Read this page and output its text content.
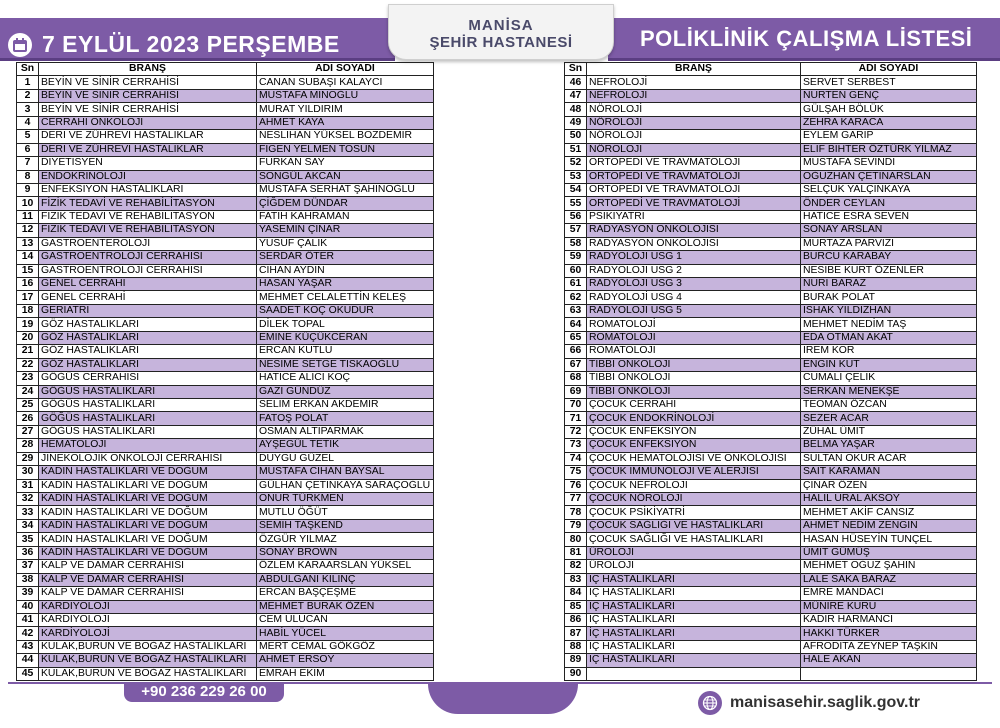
7 EYLÜL 2023 PERŞEMBE	POLİKLİNİK ÇALIŞMA LİSTESİ
MANİSA
ŞEHİR HASTANESİ
Sn	BRANŞ	ADI SOYADI
1	BEYİN VE SİNİR CERRAHİSİ	CANAN SUBAŞI KALAYCI
2	BEYİN VE SİNİR CERRAHİSİ	MUSTAFA MİNOĞLU
3	BEYİN VE SİNİR CERRAHİSİ	MURAT YILDIRIM
4	CERRAHİ ONKOLOJİ	AHMET KAYA
5	DERİ VE ZÜHREVİ HASTALIKLAR	NESLİHAN YÜKSEL BOZDEMİR
6	DERİ VE ZÜHREVİ HASTALIKLAR	FİGEN YELMEN TOSUN
7	DİYETİSYEN	FURKAN SAY
8	ENDOKRİNOLOJİ	SONGÜL AKCAN
9	ENFEKSİYON HASTALIKLARI	MUSTAFA SERHAT ŞAHİNOĞLU
10	FİZİK TEDAVİ VE REHABİLİTASYON	ÇİĞDEM DÜNDAR
11	FİZİK TEDAVİ VE REHABİLİTASYON	FATİH KAHRAMAN
12	FİZİK TEDAVİ VE REHABİLİTASYON	YASEMİN ÇINAR
13	GASTROENTEROLOJİ	YUSUF ÇALIK
14	GASTROENTROLOJİ CERRAHİSİ	SERDAR ÖTER
15	GASTROENTROLOJİ CERRAHİSİ	CİHAN AYDIN
16	GENEL CERRAHİ	HASAN YAŞAR
17	GENEL CERRAHİ	MEHMET CELALETTİN KELEŞ
18	GERİATRİ	SAADET KOÇ OKUDUR
19	GÖZ HASTALIKLARI	DİLEK TOPAL
20	GÖZ HASTALIKLARI	EMİNE KÜÇÜKCERAN
21	GÖZ HASTALIKLARI	ERCAN KUTLU
22	GÖZ HASTALIKLARI	NESİME SETGE TISKAOĞLU
23	GÖĞÜS CERRAHİSİ	HATİCE ALICI KOÇ
24	GÖĞÜS HASTALIKLARI	GAZİ GÜNDÜZ
25	GÖĞÜS HASTALIKLARI	SELİM ERKAN AKDEMİR
26	GÖĞÜS HASTALIKLARI	FATOŞ POLAT
27	GÖĞÜS HASTALIKLARI	OSMAN ALTIPARMAK
28	HEMATOLOJİ	AYŞEGÜL TETİK
29	JİNEKOLOJİK ONKOLOJİ CERRAHİSİ	DUYGU GÜZEL
30	KADIN HASTALIKLARI VE DOĞUM	MUSTAFA CİHAN BAYSAL
31	KADIN HASTALIKLARI VE DOĞUM	GÜLHAN ÇETİNKAYA SARAÇOĞLU
32	KADIN HASTALIKLARI VE DOĞUM	ONUR TÜRKMEN
33	KADIN HASTALIKLARI VE DOĞUM	MUTLU ÖĞÜT
34	KADIN HASTALIKLARI VE DOĞUM	SEMİH TAŞKEND
35	KADIN HASTALIKLARI VE DOĞUM	ÖZGÜR YILMAZ
36	KADIN HASTALIKLARI VE DOĞUM	SONAY BROWN
37	KALP VE DAMAR CERRAHİSİ	ÖZLEM KARAARSLAN YÜKSEL
38	KALP VE DAMAR CERRAHİSİ	ABDULGANİ KILINÇ
39	KALP VE DAMAR CERRAHİSİ	ERCAN BAŞÇEŞME
40	KARDİYOLOJİ	MEHMET BURAK ÖZEN
41	KARDİYOLOJİ	CEM ULUCAN
42	KARDİYOLOJİ	HABİL YÜCEL
43	KULAK,BURUN VE BOĞAZ HASTALIKLARI	MERT CEMAL GÖKGÖZ
44	KULAK,BURUN VE BOĞAZ HASTALIKLARI	AHMET ERSOY
45	KULAK,BURUN VE BOĞAZ HASTALIKLARI	EMRAH EKİM
Sn	BRANŞ	ADI SOYADI
46	NEFROLOJİ	SERVET SERBEST
47	NEFROLOJİ	NURTEN GENÇ
48	NÖROLOJİ	GÜLŞAH BÖLÜK
49	NÖROLOJİ	ZEHRA KARACA
50	NÖROLOJİ	EYLEM GARİP
51	NÖROLOJİ	ELİF BİHTER ÖZTÜRK YILMAZ
52	ORTOPEDİ VE TRAVMATOLOJİ	MUSTAFA SEVİNDİ
53	ORTOPEDİ VE TRAVMATOLOJİ	OĞUZHAN ÇETİNARSLAN
54	ORTOPEDİ VE TRAVMATOLOJİ	SELÇUK YALÇINKAYA
55	ORTOPEDİ VE TRAVMATOLOJİ	ÖNDER CEYLAN
56	PSİKİYATRİ	HATİCE ESRA SEVEN
57	RADYASYON ONKOLOJİSİ	SONAY ARSLAN
58	RADYASYON ONKOLOJİSİ	MURTAZA PARVİZİ
59	RADYOLOJİ USG 1	BURCU KARABAY
60	RADYOLOJİ USG 2	NESİBE KURT ÖZENLER
61	RADYOLOJİ USG 3	NURİ BARAZ
62	RADYOLOJİ USG 4	BURAK POLAT
63	RADYOLOJİ USG 5	İSHAK YILDIZHAN
64	ROMATOLOJİ	MEHMET NEDİM TAŞ
65	ROMATOLOJİ	EDA OTMAN AKAT
66	ROMATOLOJİ	İREM KOR
67	TIBBİ ONKOLOJİ	ENGİN KUT
68	TIBBİ ONKOLOJİ	CUMALİ ÇELİK
69	TIBBİ ONKOLOJİ	SERKAN MENEKŞE
70	ÇOCUK CERRAHİ	TEOMAN ÖZCAN
71	ÇOCUK ENDOKRİNOLOJİ	SEZER ACAR
72	ÇOCUK ENFEKSİYON	ZÜHAL ÜMİT
73	ÇOCUK ENFEKSİYON	BELMA YAŞAR
74	ÇOCUK HEMATOLOJİSİ VE ONKOLOJİSİ	SULTAN OKUR ACAR
75	ÇOCUK İMMUNOLOJİ VE ALERJİSİ	SAİT KARAMAN
76	ÇOCUK NEFROLOJİ	ÇINAR ÖZEN
77	ÇOCUK NÖROLOJİ	HALİL URAL AKSOY
78	ÇOCUK PSİKİYATRİ	MEHMET AKİF CANSIZ
79	ÇOCUK SAĞLIĞI VE HASTALIKLARI	AHMET NEDİM ZENGİN
80	ÇOCUK SAĞLIĞI VE HASTALIKLARI	HASAN HÜSEYİN TUNÇEL
81	ÜROLOJİ	ÜMİT GÜMÜŞ
82	ÜROLOJİ	MEHMET OĞUZ ŞAHİN
83	İÇ HASTALIKLARI	LALE SAKA BARAZ
84	İÇ HASTALIKLARI	EMRE MANDACI
85	İÇ HASTALIKLARI	MÜNİRE KURU
86	İÇ HASTALIKLARI	KADİR HARMANCI
87	İÇ HASTALIKLARI	HAKKI TÜRKER
88	İÇ HASTALIKLARI	AFRODİTA ZEYNEP TAŞKIN
89	İÇ HASTALIKLARI	HALE AKAN
90		
+90 236 229 26 00
manisasehir.saglik.gov.tr
